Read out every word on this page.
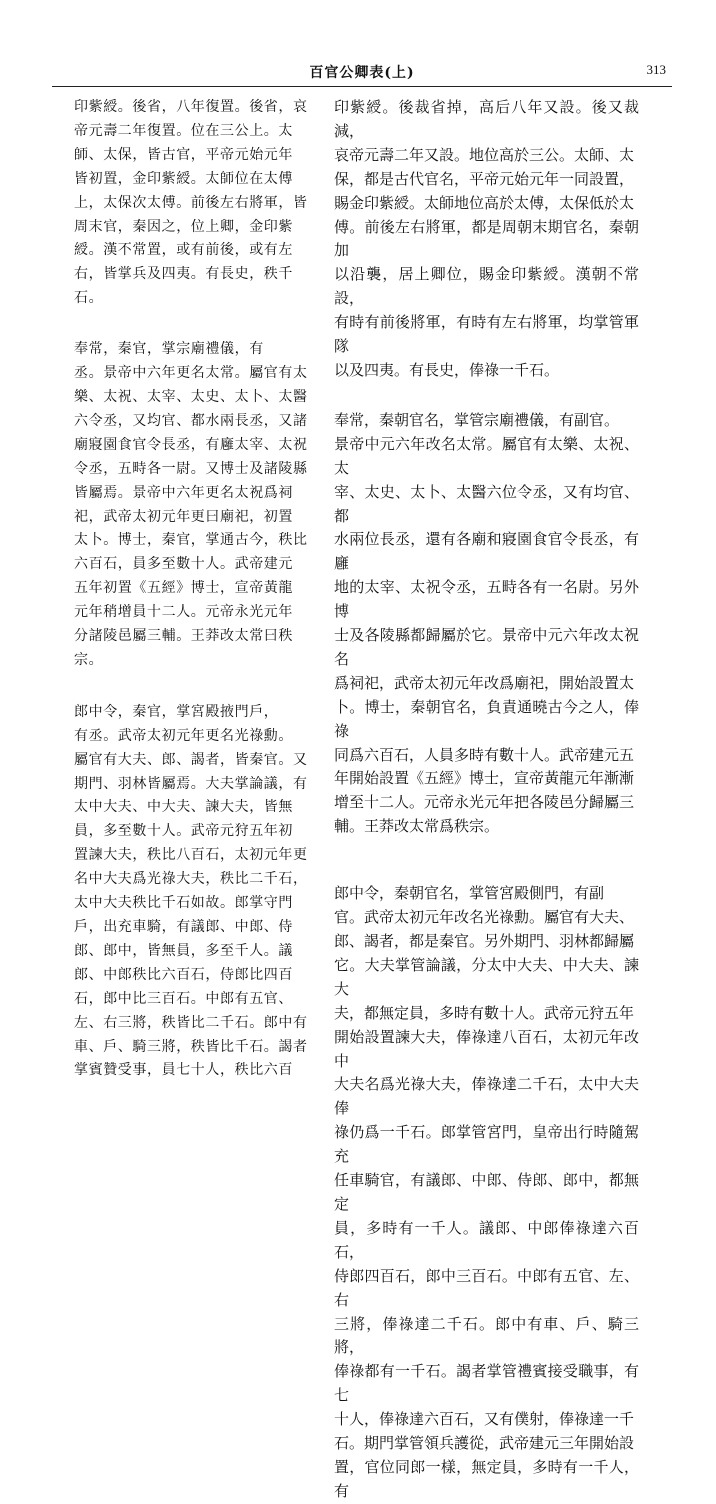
百官公卿表(上)	313

印紫綬。後省，八年復置。後省，哀
帝元壽二年復置。位在三公上。太
師、太保，皆古官，平帝元始元年
皆初置，金印紫綬。太師位在太傅
上，太保次太傅。前後左右將軍，皆
周末官，秦因之，位上卿，金印紫
綬。漢不常置，或有前後，或有左
右，皆掌兵及四夷。有長史，秩千
石。

奉常，秦官，掌宗廟禮儀，有
丞。景帝中六年更名太常。屬官有太
樂、太祝、太宰、太史、太卜、太醫
六令丞，又均官、都水兩長丞，又諸
廟寢園食官令長丞，有廱太宰、太祝
令丞，五畤各一尉。又博士及諸陵縣
皆屬焉。景帝中六年更名太祝爲祠
祀，武帝太初元年更曰廟祀，初置
太卜。博士，秦官，掌通古今，秩比
六百石，員多至數十人。武帝建元
五年初置《五經》博士，宣帝黃龍
元年稍增員十二人。元帝永光元年
分諸陵邑屬三輔。王莽改太常曰秩
宗。

郎中令，秦官，掌宮殿掖門戶，
有丞。武帝太初元年更名光祿勳。
屬官有大夫、郎、謁者，皆秦官。又
期門、羽林皆屬焉。大夫掌論議，有
太中大夫、中大夫、諫大夫，皆無
員，多至數十人。武帝元狩五年初
置諫大夫，秩比八百石，太初元年更
名中大夫爲光祿大夫，秩比二千石，
太中大夫秩比千石如故。郎掌守門
戶，出充車騎，有議郎、中郎、侍
郎、郎中，皆無員，多至千人。議
郎、中郎秩比六百石，侍郎比四百
石，郎中比三百石。中郎有五官、
左、右三將，秩皆比二千石。郎中有
車、戶、騎三將，秩皆比千石。謁者
掌賓贊受事，員七十人，秩比六百

印紫綬。後裁省掉，高后八年又設。後又裁減，
哀帝元壽二年又設。地位高於三公。太師、太
保，都是古代官名，平帝元始元年一同設置，
賜金印紫綬。太師地位高於太傅，太保低於太
傅。前後左右將軍，都是周朝末期官名，秦朝加
以沿襲，居上卿位，賜金印紫綬。漢朝不常設，
有時有前後將軍，有時有左右將軍，均掌管軍隊
以及四夷。有長史，俸祿一千石。

奉常，秦朝官名，掌管宗廟禮儀，有副官。
景帝中元六年改名太常。屬官有太樂、太祝、太
宰、太史、太卜、太醫六位令丞，又有均官、都
水兩位長丞，還有各廟和寢園食官令長丞，有廱
地的太宰、太祝令丞，五畤各有一名尉。另外博
士及各陵縣都歸屬於它。景帝中元六年改太祝名
爲祠祀，武帝太初元年改爲廟祀，開始設置太
卜。博士，秦朝官名，負責通曉古今之人，俸祿
同爲六百石，人員多時有數十人。武帝建元五
年開始設置《五經》博士，宣帝黃龍元年漸漸
增至十二人。元帝永光元年把各陵邑分歸屬三
輔。王莽改太常爲秩宗。

郎中令，秦朝官名，掌管宮殿側門，有副
官。武帝太初元年改名光祿勳。屬官有大夫、
郎、謁者，都是秦官。另外期門、羽林都歸屬
它。大夫掌管論議，分太中大夫、中大夫、諫大
夫，都無定員，多時有數十人。武帝元狩五年
開始設置諫大夫，俸祿達八百石，太初元年改中
大夫名爲光祿大夫，俸祿達二千石，太中大夫俸
祿仍爲一千石。郎掌管宮門，皇帝出行時隨駕充
任車騎官，有議郎、中郎、侍郎、郎中，都無定
員，多時有一千人。議郎、中郎俸祿達六百石，
侍郎四百石，郎中三百石。中郎有五官、左、右
三將，俸祿達二千石。郎中有車、戶、騎三將，
俸祿都有一千石。謁者掌管禮賓接受職事，有七
十人，俸祿達六百石，又有僕射，俸祿達一千
石。期門掌管領兵護從，武帝建元三年開始設
置，官位同郎一樣，無定員，多時有一千人，有
